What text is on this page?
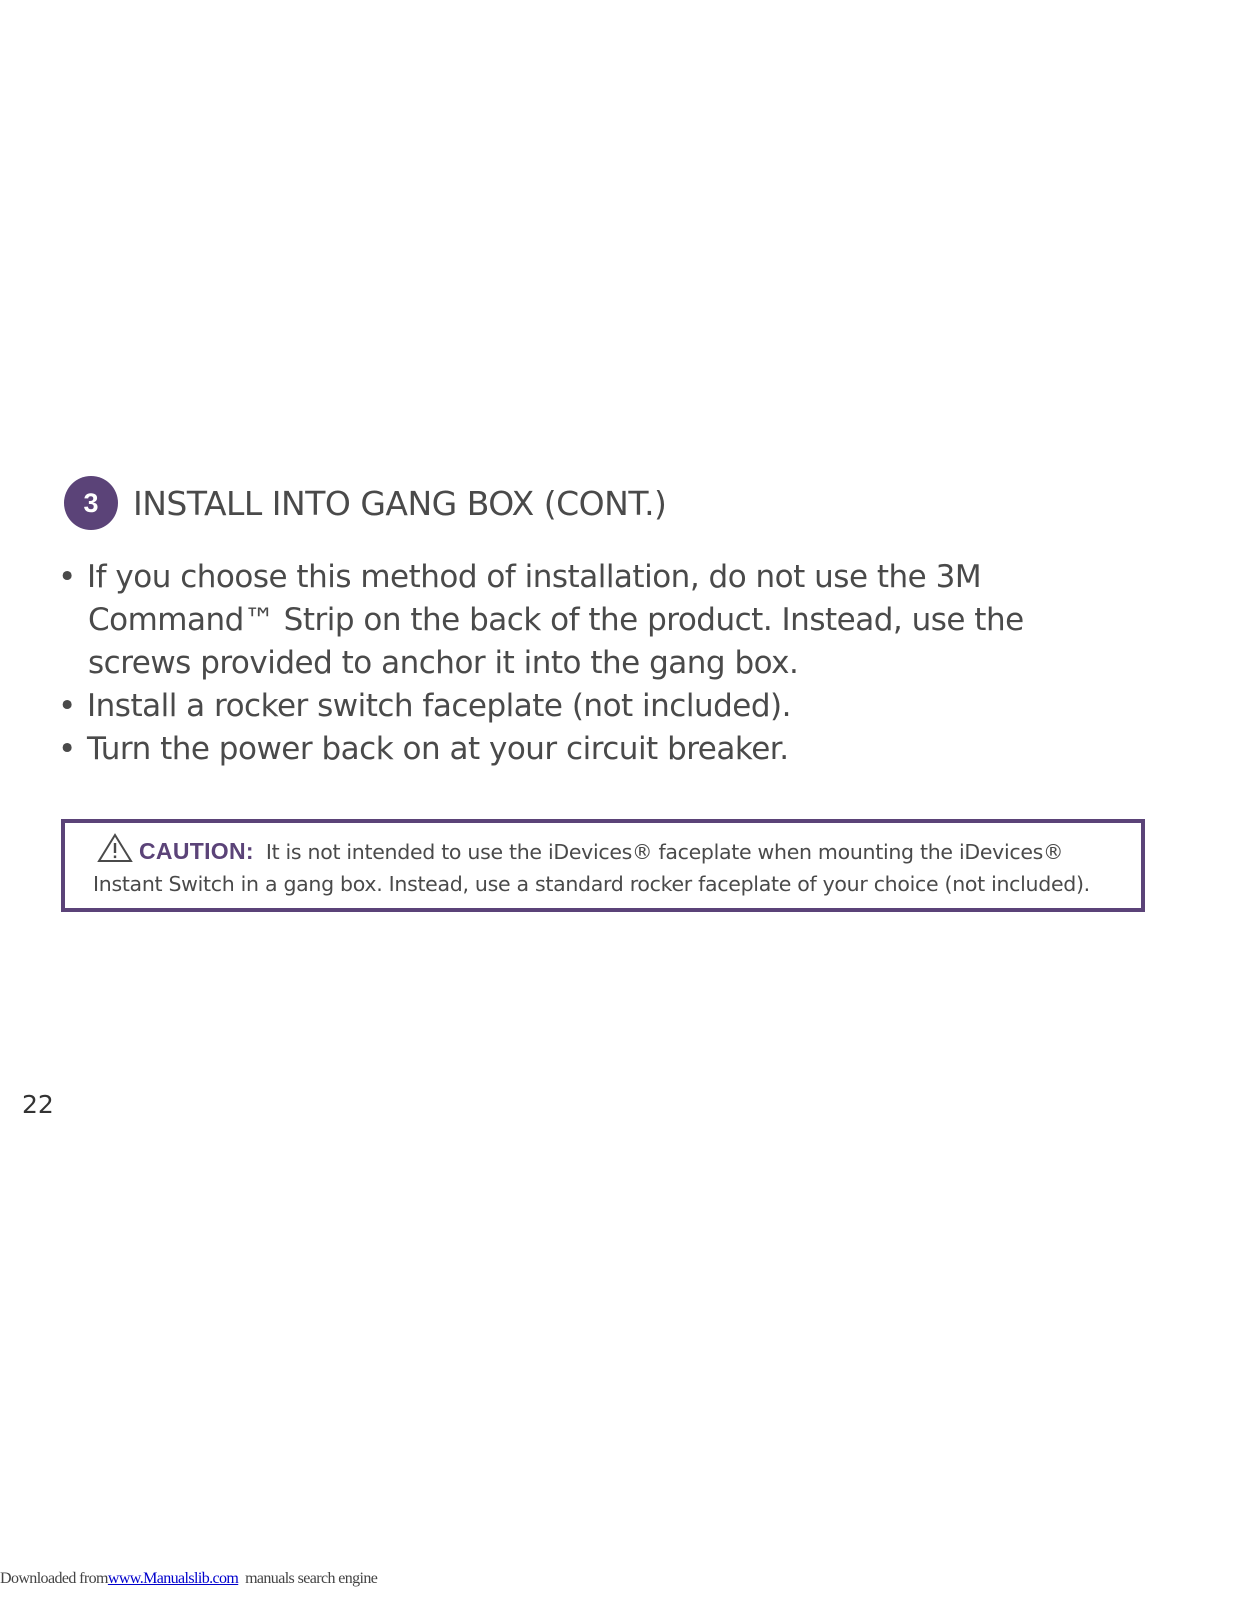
3	INSTALL INTO GANG BOX (CONT.)
• If you choose this method of installation, do not use the 3M
Command™ Strip on the back of the product. Instead, use the
screws provided to anchor it into the gang box.
• Install a rocker switch faceplate (not included).
• Turn the power back on at your circuit breaker.
CAUTION: It is not intended to use the iDevices® faceplate when mounting the iDevices®
Instant Switch in a gang box. Instead, use a standard rocker faceplate of your choice (not included).
22
Downloaded fromwww.Manualslib.com manuals search engine
